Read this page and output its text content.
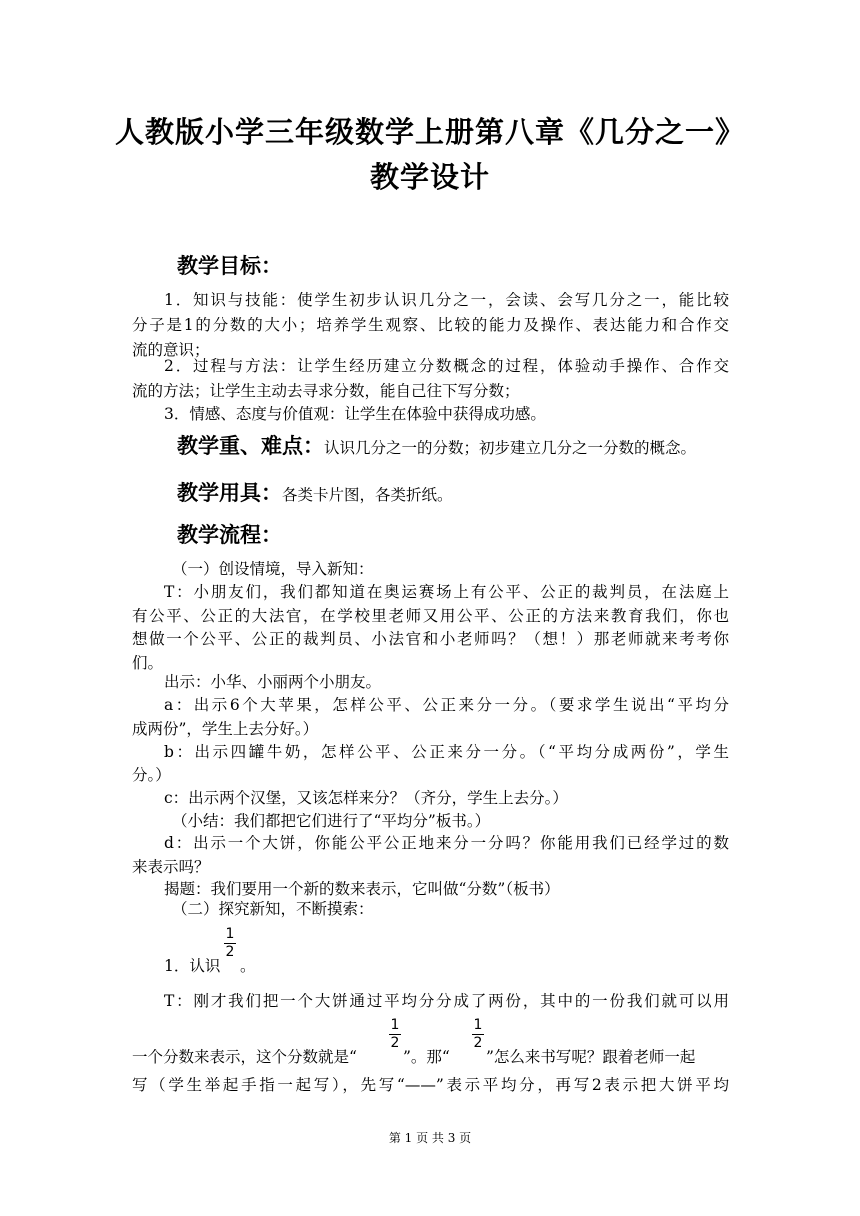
人教版小学三年级数学上册第八章《几分之一》
教学设计
教学目标：
1．知识与技能：使学生初步认识几分之一，会读、会写几分之一，能比较
分子是1的分数的大小；培养学生观察、比较的能力及操作、表达能力和合作交
流的意识；
2．过程与方法：让学生经历建立分数概念的过程，体验动手操作、合作交
流的方法；让学生主动去寻求分数，能自己往下写分数；
3．情感、态度与价值观：让学生在体验中获得成功感。
教学重、难点：认识几分之一的分数；初步建立几分之一分数的概念。
教学用具：各类卡片图，各类折纸。
教学流程：
（一）创设情境，导入新知：
T：小朋友们，我们都知道在奥运赛场上有公平、公正的裁判员，在法庭上
有公平、公正的大法官，在学校里老师又用公平、公正的方法来教育我们，你也
想做一个公平、公正的裁判员、小法官和小老师吗？（想！）那老师就来考考你
们。
出示：小华、小丽两个小朋友。
a：出示6个大苹果，怎样公平、公正来分一分。（要求学生说出“平均分
成两份”，学生上去分好。）
b：出示四罐牛奶，怎样公平、公正来分一分。（“平均分成两份”，学生
分。）
c：出示两个汉堡，又该怎样来分？（齐分，学生上去分。）
（小结：我们都把它们进行了“平均分”板书。）
d：出示一个大饼，你能公平公正地来分一分吗？你能用我们已经学过的数
来表示吗？
揭题：我们要用一个新的数来表示，它叫做“分数”（板书）
（二）探究新知，不断摸索：
1．认识
1
2
。
T：刚才我们把一个大饼通过平均分分成了两份，其中的一份我们就可以用
一个分数来表示，这个分数就是“
1
2
”。那“
1
2
”怎么来书写呢？跟着老师一起
写（学生举起手指一起写），先写“——”表示平均分，再写2表示把大饼平均
第 1 页 共 3 页
